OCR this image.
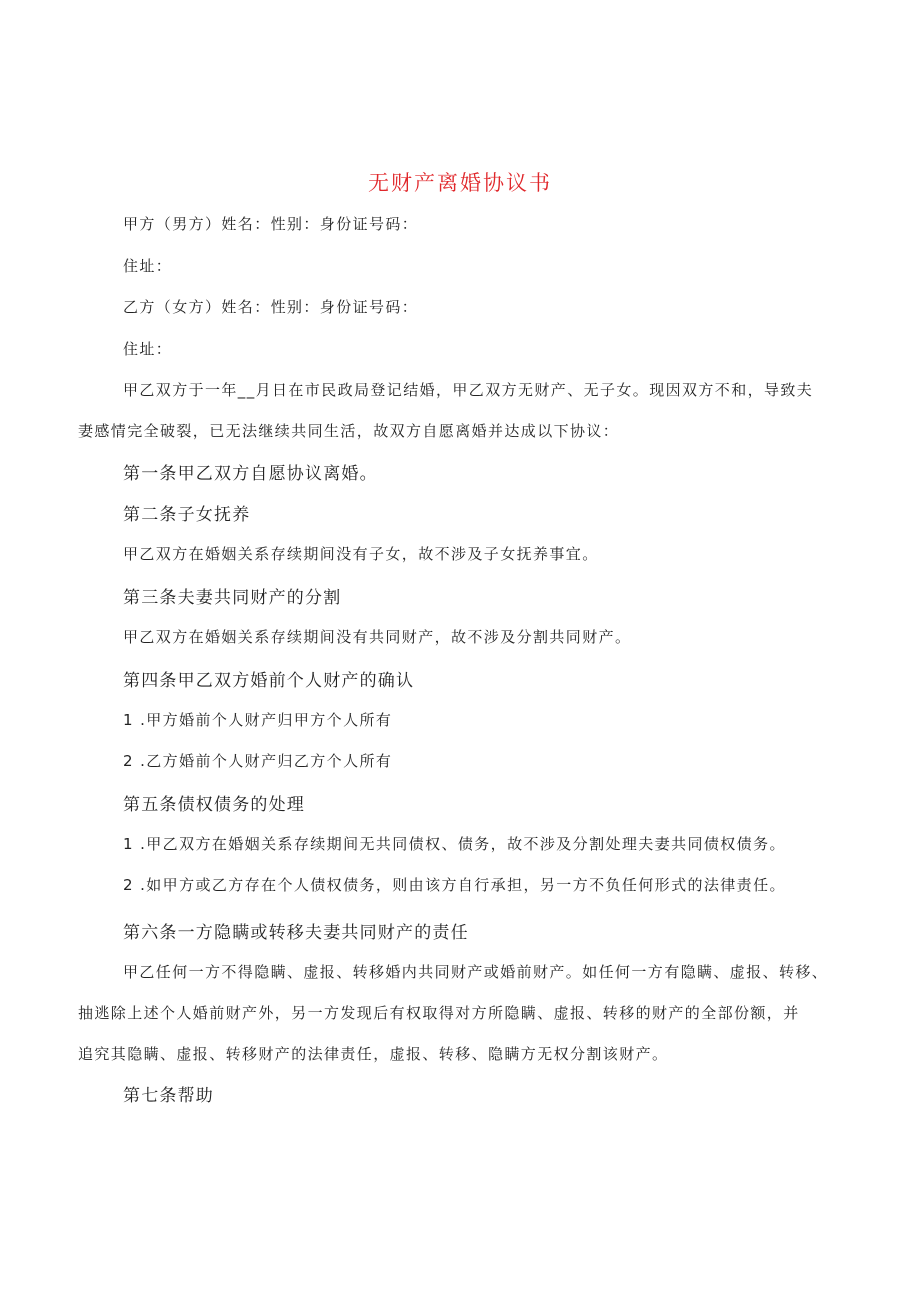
无财产离婚协议书
甲方（男方）姓名：性别：身份证号码：
住址：
乙方（女方）姓名：性别：身份证号码：
住址：
甲乙双方于一年__月日在市民政局登记结婚，甲乙双方无财产、无子女。现因双方不和，导致夫
妻感情完全破裂，已无法继续共同生活，故双方自愿离婚并达成以下协议：
第一条甲乙双方自愿协议离婚。
第二条子女抚养
甲乙双方在婚姻关系存续期间没有子女，故不涉及子女抚养事宜。
第三条夫妻共同财产的分割
甲乙双方在婚姻关系存续期间没有共同财产，故不涉及分割共同财产。
第四条甲乙双方婚前个人财产的确认
1 .甲方婚前个人财产归甲方个人所有
2 .乙方婚前个人财产归乙方个人所有
第五条债权债务的处理
1 .甲乙双方在婚姻关系存续期间无共同债权、债务，故不涉及分割处理夫妻共同债权债务。
2 .如甲方或乙方存在个人债权债务，则由该方自行承担，另一方不负任何形式的法律责任。
第六条一方隐瞒或转移夫妻共同财产的责任
甲乙任何一方不得隐瞒、虚报、转移婚内共同财产或婚前财产。如任何一方有隐瞒、虚报、转移、
抽逃除上述个人婚前财产外，另一方发现后有权取得对方所隐瞒、虚报、转移的财产的全部份额，并
追究其隐瞒、虚报、转移财产的法律责任，虚报、转移、隐瞒方无权分割该财产。
第七条帮助
